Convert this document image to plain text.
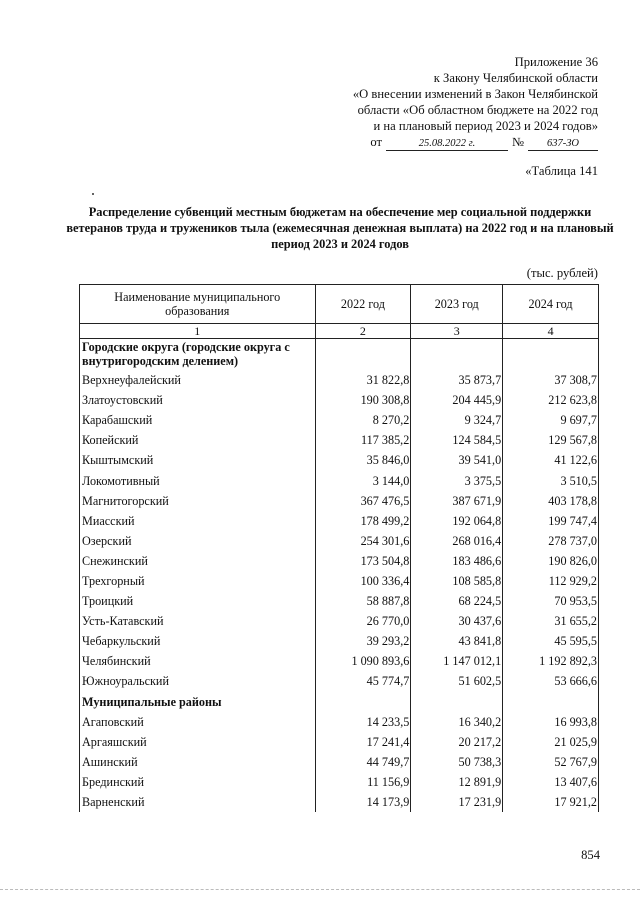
Приложение 36
к Закону Челябинской области
«О внесении изменений в Закон Челябинской
области «Об областном бюджете на 2022 год
и на плановый период 2023 и 2024 годов»
от	25.08.2022 г.	№	637-ЗО
«Таблица 141
Распределение субвенций местным бюджетам на обеспечение мер социальной поддержки ветеранов труда и тружеников тыла (ежемесячная денежная выплата) на 2022 год и на плановый период 2023 и 2024 годов
(тыс. рублей)
Наименование муниципального образования	2022 год	2023 год	2024 год
1	2	3	4
Городские округа (городские округа с внутригородским делением)			
Верхнеуфалейский	31 822,8	35 873,7	37 308,7
Златоустовский	190 308,8	204 445,9	212 623,8
Карабашский	8 270,2	9 324,7	9 697,7
Копейский	117 385,2	124 584,5	129 567,8
Кыштымский	35 846,0	39 541,0	41 122,6
Локомотивный	3 144,0	3 375,5	3 510,5
Магнитогорский	367 476,5	387 671,9	403 178,8
Миасский	178 499,2	192 064,8	199 747,4
Озерский	254 301,6	268 016,4	278 737,0
Снежинский	173 504,8	183 486,6	190 826,0
Трехгорный	100 336,4	108 585,8	112 929,2
Троицкий	58 887,8	68 224,5	70 953,5
Усть-Катавский	26 770,0	30 437,6	31 655,2
Чебаркульский	39 293,2	43 841,8	45 595,5
Челябинский	1 090 893,6	1 147 012,1	1 192 892,3
Южноуральский	45 774,7	51 602,5	53 666,6
Муниципальные районы			
Агаповский	14 233,5	16 340,2	16 993,8
Аргаяшский	17 241,4	20 217,2	21 025,9
Ашинский	44 749,7	50 738,3	52 767,9
Брединский	11 156,9	12 891,9	13 407,6
Варненский	14 173,9	17 231,9	17 921,2
854
